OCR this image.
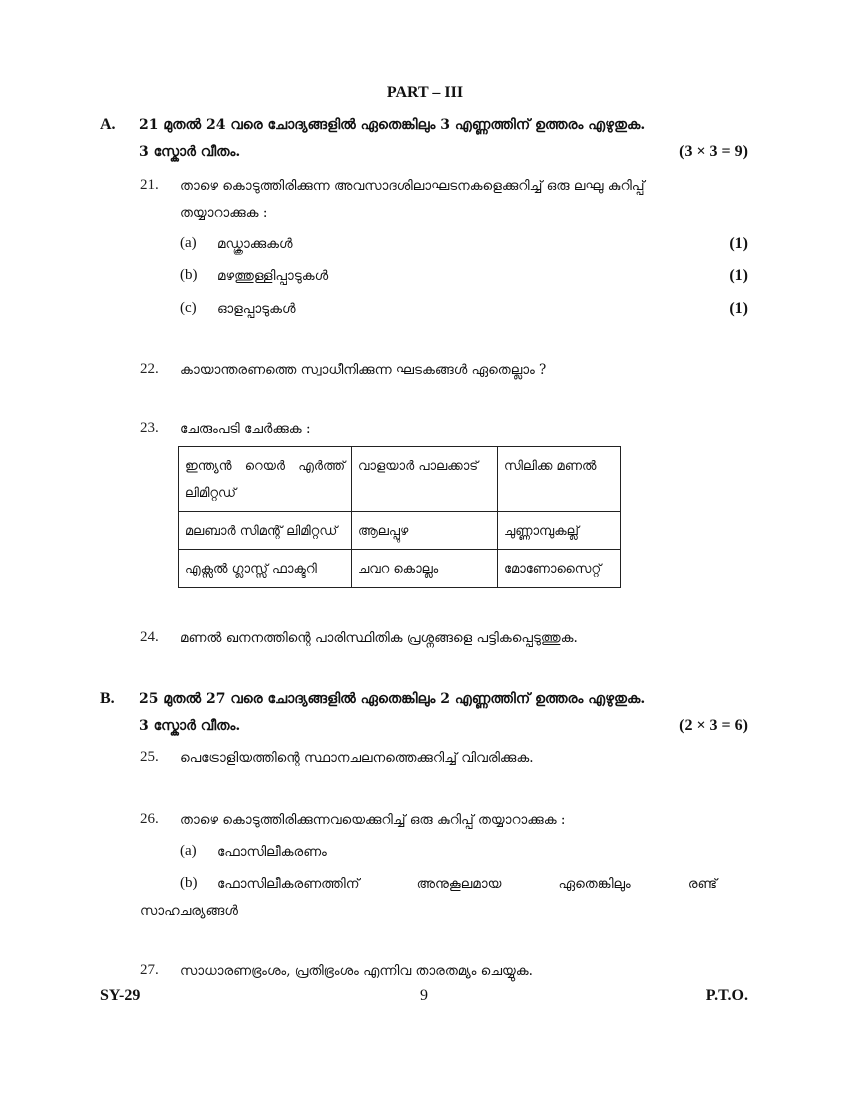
PART – III
A. 21 മുതൽ 24 വരെ ചോദ്യങ്ങളിൽ ഏതെങ്കിലും 3 എണ്ണത്തിന് ഉത്തരം എഴുതുക.
3 സ്കോർ വീതം.	(3 × 3 = 9)
21. താഴെ കൊടുത്തിരിക്കുന്ന അവസാദശിലാഘടനകളെക്കുറിച്ച് ഒരു ലഘു കുറിപ്പ്
തയ്യാറാക്കുക :
(a) മഡ്ക്രാക്കുകൾ	(1)
(b) മഴത്തുള്ളിപ്പാടുകൾ	(1)
(c) ഓളപ്പാടുകൾ	(1)
22. കായാന്തരണത്തെ സ്വാധീനിക്കുന്ന ഘടകങ്ങൾ ഏതെല്ലാം ?
23. ചേരുംപടി ചേർക്കുക :
ഇന്ത്യൻ റെയർ എർത്ത് ലിമിറ്റഡ്	വാളയാർ പാലക്കാട്	സിലിക്ക മണൽ
മലബാർ സിമന്റ് ലിമിറ്റഡ്	ആലപ്പുഴ	ചുണ്ണാമ്പുകല്ല്
എക്സൽ ഗ്ലാസ്സ് ഫാക്ടറി	ചവറ കൊല്ലം	മോണോസൈറ്റ്
24. മണൽ ഖനനത്തിന്റെ പാരിസ്ഥിതിക പ്രശ്നങ്ങളെ പട്ടികപ്പെടുത്തുക.
B. 25 മുതൽ 27 വരെ ചോദ്യങ്ങളിൽ ഏതെങ്കിലും 2 എണ്ണത്തിന് ഉത്തരം എഴുതുക.
3 സ്കോർ വീതം.	(2 × 3 = 6)
25. പെട്രോളിയത്തിന്റെ സ്ഥാനചലനത്തെക്കുറിച്ച് വിവരിക്കുക.
26. താഴെ കൊടുത്തിരിക്കുന്നവയെക്കുറിച്ച് ഒരു കുറിപ്പ് തയ്യാറാക്കുക :
(a) ഫോസിലീകരണം
(b) ഫോസിലീകരണത്തിന് അനുകൂലമായ ഏതെങ്കിലും രണ്ട്
സാഹചര്യങ്ങൾ
27. സാധാരണഭ്രംശം, പ്രതിഭ്രംശം എന്നിവ താരതമ്യം ചെയ്യുക.
SY-29	9	P.T.O.
